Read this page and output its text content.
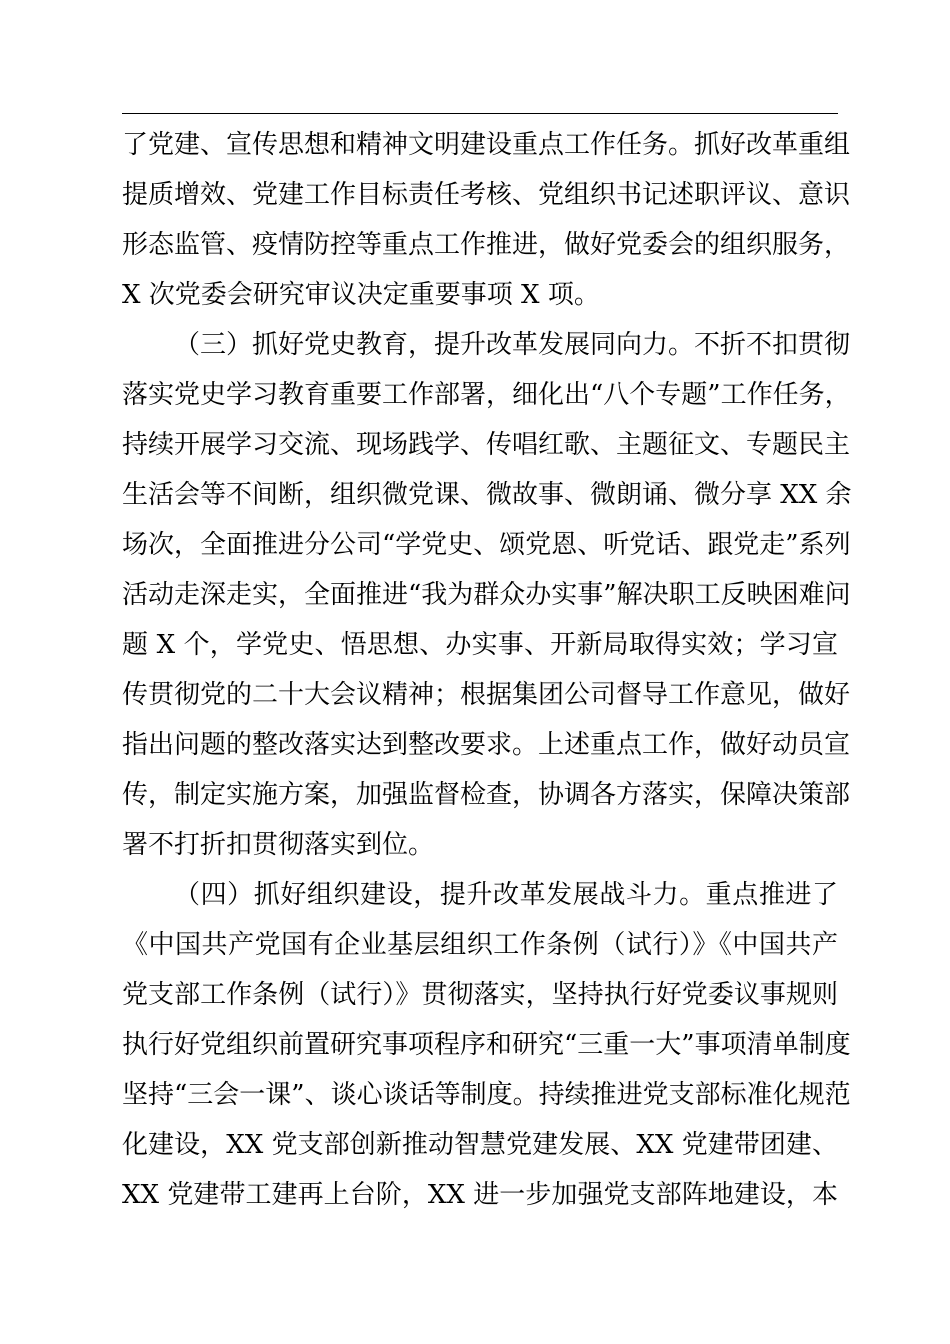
了党建、宣传思想和精神文明建设重点工作任务。抓好改革重组
提质增效、党建工作目标责任考核、党组织书记述职评议、意识
形态监管、疫情防控等重点工作推进，做好党委会的组织服务，
X 次党委会研究审议决定重要事项 X 项。
（三）抓好党史教育，提升改革发展同向力。不折不扣贯彻
落实党史学习教育重要工作部署，细化出“八个专题”工作任务，
持续开展学习交流、现场践学、传唱红歌、主题征文、专题民主
生活会等不间断，组织微党课、微故事、微朗诵、微分享 XX 余
场次，全面推进分公司“学党史、颂党恩、听党话、跟党走”系列
活动走深走实，全面推进“我为群众办实事”解决职工反映困难问
题 X 个，学党史、悟思想、办实事、开新局取得实效；学习宣
传贯彻党的二十大会议精神；根据集团公司督导工作意见，做好
指出问题的整改落实达到整改要求。上述重点工作，做好动员宣
传，制定实施方案，加强监督检查，协调各方落实，保障决策部
署不打折扣贯彻落实到位。
（四）抓好组织建设，提升改革发展战斗力。重点推进了
《中国共产党国有企业基层组织工作条例（试行）》《中国共产
党支部工作条例（试行）》贯彻落实，坚持执行好党委议事规则
执行好党组织前置研究事项程序和研究“三重一大”事项清单制度
坚持“三会一课”、谈心谈话等制度。持续推进党支部标准化规范
化建设，XX 党支部创新推动智慧党建发展、XX 党建带团建、
XX 党建带工建再上台阶，XX 进一步加强党支部阵地建设，本
